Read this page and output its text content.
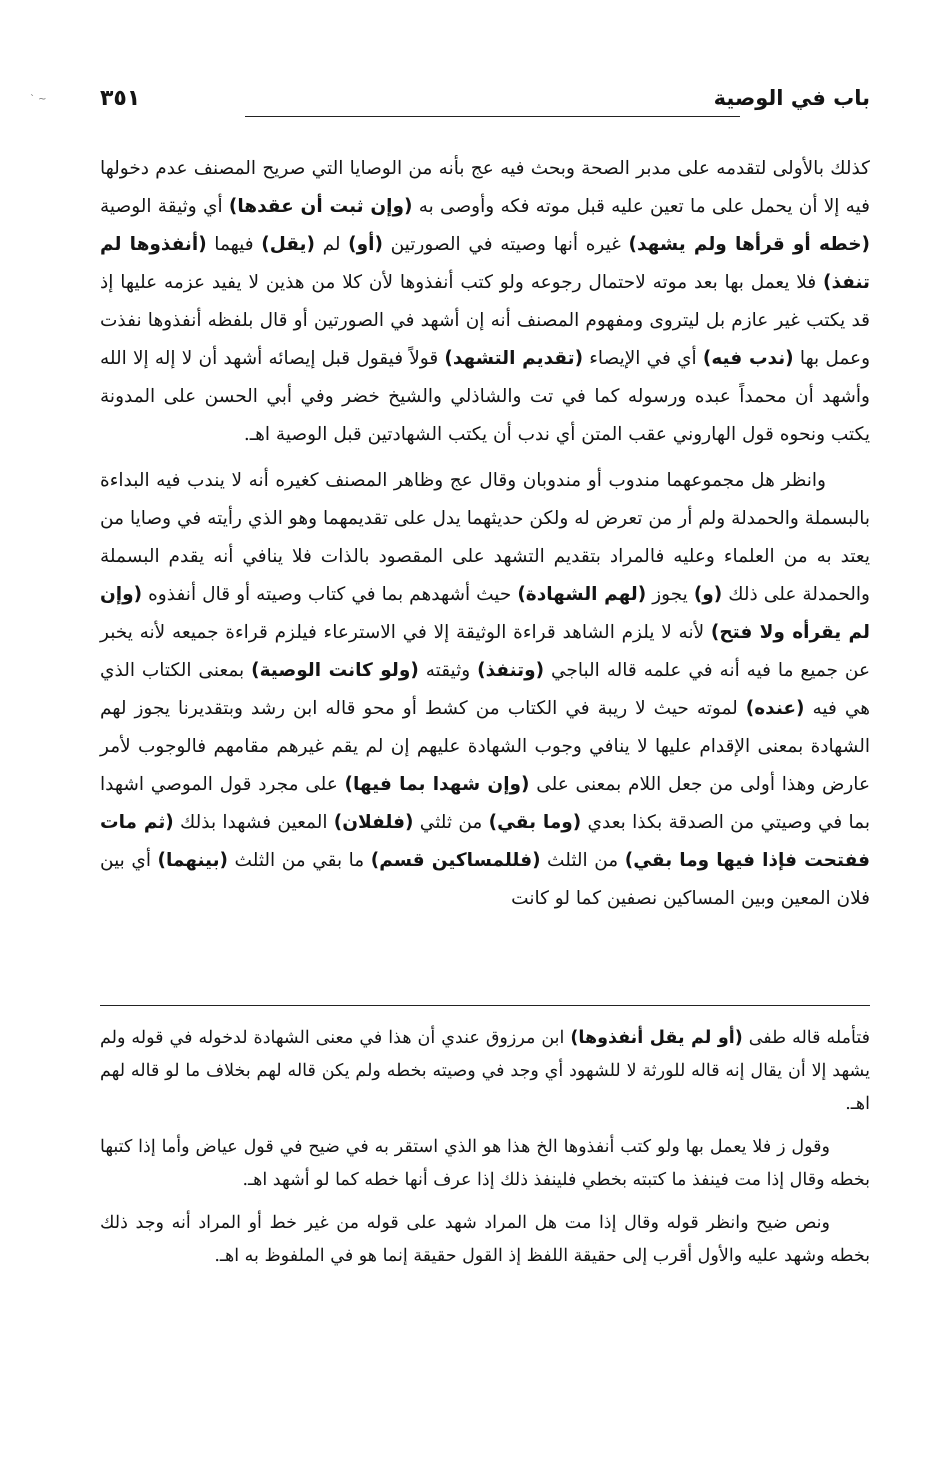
` ~	باب في الوصية
٣٥١

كذلك بالأولى لتقدمه على مدبر الصحة وبحث فيه عج بأنه من الوصايا التي صريح المصنف عدم دخولها فيه إلا أن يحمل على ما تعين عليه قبل موته فكه وأوصى به (وإن ثبت أن عقدها) أي وثيقة الوصية (خطه أو قرأها ولم يشهد) غيره أنها وصيته في الصورتين (أو) لم (يقل) فيهما (أنفذوها لم تنفذ) فلا يعمل بها بعد موته لاحتمال رجوعه ولو كتب أنفذوها لأن كلا من هذين لا يفيد عزمه عليها إذ قد يكتب غير عازم بل ليتروى ومفهوم المصنف أنه إن أشهد في الصورتين أو قال بلفظه أنفذوها نفذت وعمل بها (ندب فيه) أي في الإيصاء (تقديم التشهد) قولاً فيقول قبل إيصائه أشهد أن لا إله إلا الله وأشهد أن محمداً عبده ورسوله كما في تت والشاذلي والشيخ خضر وفي أبي الحسن على المدونة يكتب ونحوه قول الهاروني عقب المتن أي ندب أن يكتب الشهادتين قبل الوصية اهـ.

وانظر هل مجموعهما مندوب أو مندوبان وقال عج وظاهر المصنف كغيره أنه لا يندب فيه البداءة بالبسملة والحمدلة ولم أر من تعرض له ولكن حديثهما يدل على تقديمهما وهو الذي رأيته في وصايا من يعتد به من العلماء وعليه فالمراد بتقديم التشهد على المقصود بالذات فلا ينافي أنه يقدم البسملة والحمدلة على ذلك (و) يجوز (لهم الشهادة) حيث أشهدهم بما في كتاب وصيته أو قال أنفذوه (وإن لم يقرأه ولا فتح) لأنه لا يلزم الشاهد قراءة الوثيقة إلا في الاسترعاء فيلزم قراءة جميعه لأنه يخبر عن جميع ما فيه أنه في علمه قاله الباجي (وتنفذ) وثيقته (ولو كانت الوصية) بمعنى الكتاب الذي هي فيه (عنده) لموته حيث لا ريبة في الكتاب من كشط أو محو قاله ابن رشد وبتقديرنا يجوز لهم الشهادة بمعنى الإقدام عليها لا ينافي وجوب الشهادة عليهم إن لم يقم غيرهم مقامهم فالوجوب لأمر عارض وهذا أولى من جعل اللام بمعنى على (وإن شهدا بما فيها) على مجرد قول الموصي اشهدا بما في وصيتي من الصدقة بكذا بعدي (وما بقي) من ثلثي (فلفلان) المعين فشهدا بذلك (ثم مات ففتحت فإذا فيها وما بقي) من الثلث (فللمساكين قسم) ما بقي من الثلث (بينهما) أي بين فلان المعين وبين المساكين نصفين كما لو كانت

فتأمله قاله طفى (أو لم يقل أنفذوها) ابن مرزوق عندي أن هذا في معنى الشهادة لدخوله في قوله ولم يشهد إلا أن يقال إنه قاله للورثة لا للشهود أي وجد في وصيته بخطه ولم يكن قاله لهم بخلاف ما لو قاله لهم اهـ.

وقول ز فلا يعمل بها ولو كتب أنفذوها الخ هذا هو الذي استقر به في ضيح في قول عياض وأما إذا كتبها بخطه وقال إذا مت فينفذ ما كتبته بخطي فلينفذ ذلك إذا عرف أنها خطه كما لو أشهد اهـ.

ونص ضيح وانظر قوله وقال إذا مت هل المراد شهد على قوله من غير خط أو المراد أنه وجد ذلك بخطه وشهد عليه والأول أقرب إلى حقيقة اللفظ إذ القول حقيقة إنما هو في الملفوظ به اهـ.
